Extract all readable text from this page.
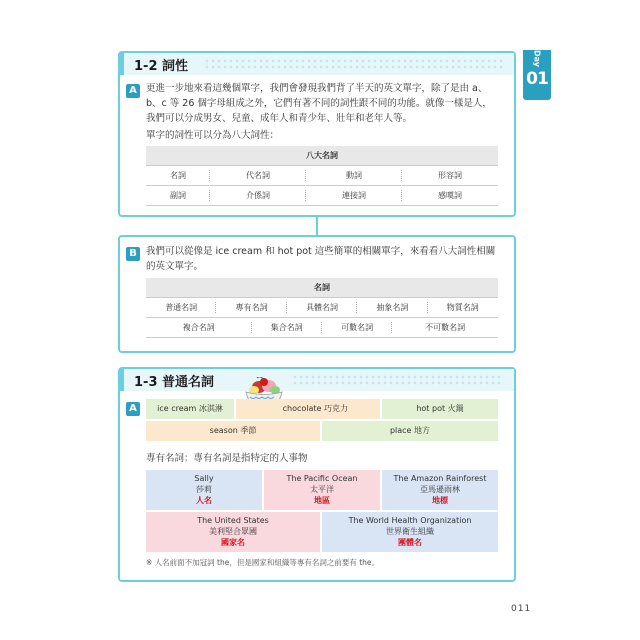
Day
01
1-2 詞性
A 更進一步地來看這幾個單字，我們會發現我們背了半天的英文單字，除了是由 a、
b、c 等 26 個字母組成之外，它們有著不同的詞性跟不同的功能。就像一樣是人，
我們可以分成男女、兒童、成年人和青少年、壯年和老年人等。
單字的詞性可以分為八大詞性：
八大名詞			
名詞	代名詞	動詞	形容詞
副詞	介係詞	連接詞	感嘆詞
B 我們可以從像是 ice cream 和 hot pot 這些簡單的相關單字，來看看八大詞性相關
的英文單字。
名詞							
普通名詞	專有名詞		具體名詞		抽象名詞		物質名詞
複合名詞		集合名詞		可數名詞		不可數名詞	
1-3 普通名詞
A	ice cream 冰淇淋	chocolate 巧克力	hot pot 火鍋
season 季節	place 地方
專有名詞：專有名詞是指特定的人事物
Sally
莎莉
人名
The Pacific Ocean
太平洋
地區
The Amazon Rainforest
亞馬遜雨林
地標
The United States
美利堅合眾國
國家名
The World Health Organization
世界衛生組織
團體名
※ 人名前面不加冠詞 the，但是國家和組織等專有名詞之前要有 the。
011
